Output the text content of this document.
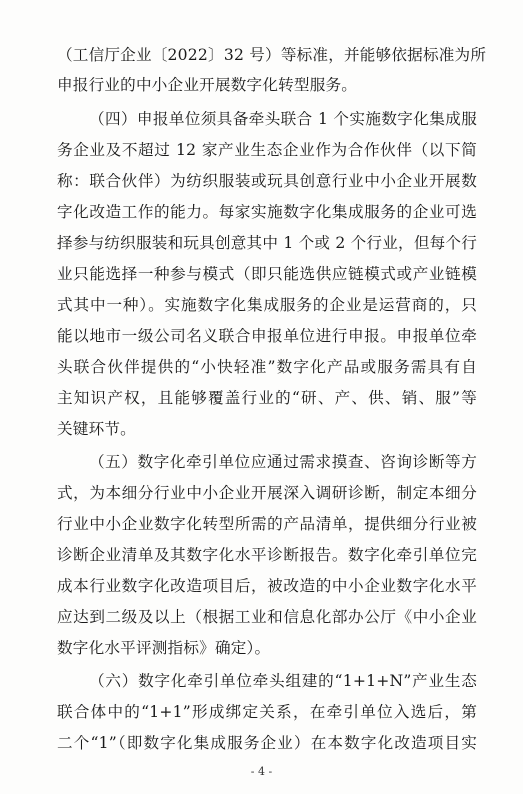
（工信厅企业〔2022〕32 号）等标准，并能够依据标准为所
申报行业的中小企业开展数字化转型服务。
（四）申报单位须具备牵头联合 1 个实施数字化集成服
务企业及不超过 12 家产业生态企业作为合作伙伴（以下简
称：联合伙伴）为纺织服装或玩具创意行业中小企业开展数
字化改造工作的能力。每家实施数字化集成服务的企业可选
择参与纺织服装和玩具创意其中 1 个或 2 个行业，但每个行
业只能选择一种参与模式（即只能选供应链模式或产业链模
式其中一种）。实施数字化集成服务的企业是运营商的，只
能以地市一级公司名义联合申报单位进行申报。申报单位牵
头联合伙伴提供的“小快轻准”数字化产品或服务需具有自
主知识产权，且能够覆盖行业的“研、产、供、销、服”等
关键环节。
（五）数字化牵引单位应通过需求摸查、咨询诊断等方
式，为本细分行业中小企业开展深入调研诊断，制定本细分
行业中小企业数字化转型所需的产品清单，提供细分行业被
诊断企业清单及其数字化水平诊断报告。数字化牵引单位完
成本行业数字化改造项目后，被改造的中小企业数字化水平
应达到二级及以上（根据工业和信息化部办公厅《中小企业
数字化水平评测指标》确定）。
（六）数字化牵引单位牵头组建的“1+1+N”产业生态
联合体中的“1+1”形成绑定关系，在牵引单位入选后，第
二个“1”（即数字化集成服务企业）在本数字化改造项目实
- 4 -
